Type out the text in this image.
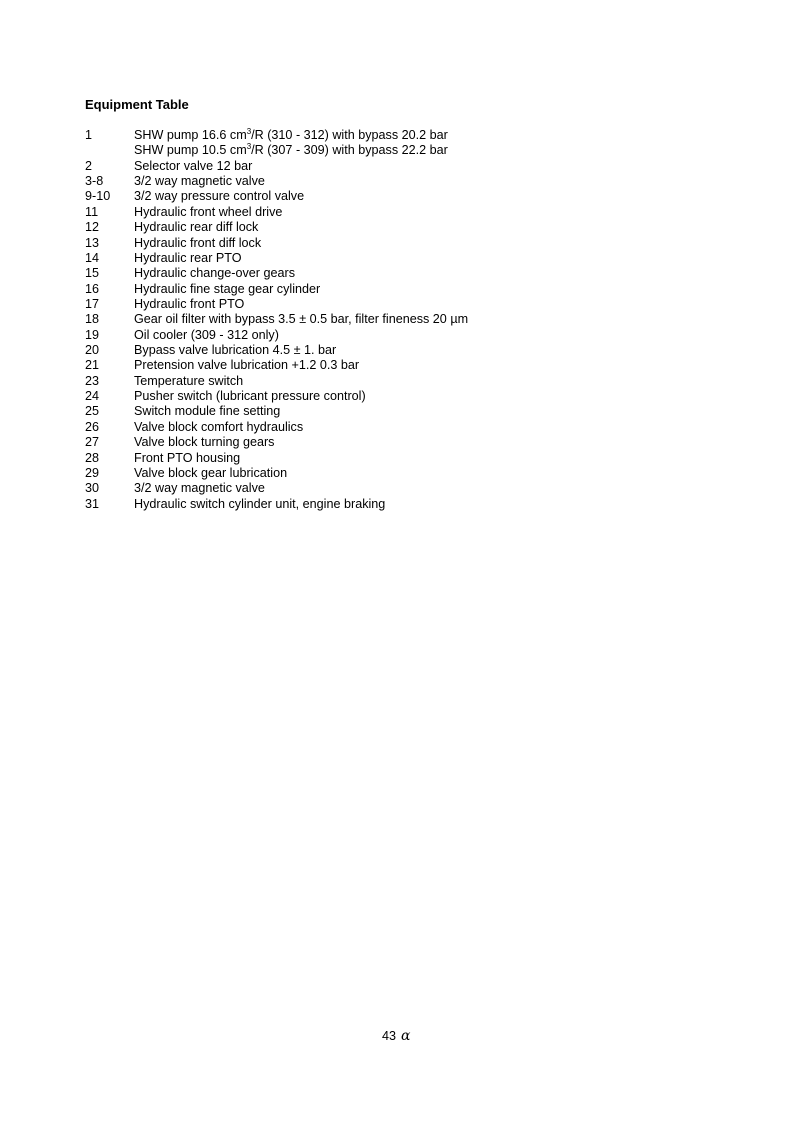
Equipment Table
1	SHW pump 16.6 $cm^3/R$ (310 - 312) with bypass 20.2 bar
SHW pump 10.5 $cm^3/R$ (307 - 309) with bypass 22.2 bar
2	Selector valve 12 bar
3-8	3/2 way magnetic valve
9-10	3/2 way pressure control valve
11	Hydraulic front wheel drive
12	Hydraulic rear diff lock
13	Hydraulic front diff lock
14	Hydraulic rear PTO
15	Hydraulic change-over gears
16	Hydraulic fine stage gear cylinder
17	Hydraulic front PTO
18	Gear oil filter with bypass 3.5 ± 0.5 bar, filter fineness 20 µm
19	Oil cooler (309 - 312 only)
20	Bypass valve lubrication 4.5 ± 1. bar
21	Pretension valve lubrication +1.2 0.3 bar
23	Temperature switch
24	Pusher switch (lubricant pressure control)
25	Switch module fine setting
26	Valve block comfort hydraulics
27	Valve block turning gears
28	Front PTO housing
29	Valve block gear lubrication
30	3/2 way magnetic valve
31	Hydraulic switch cylinder unit, engine braking
43 α
